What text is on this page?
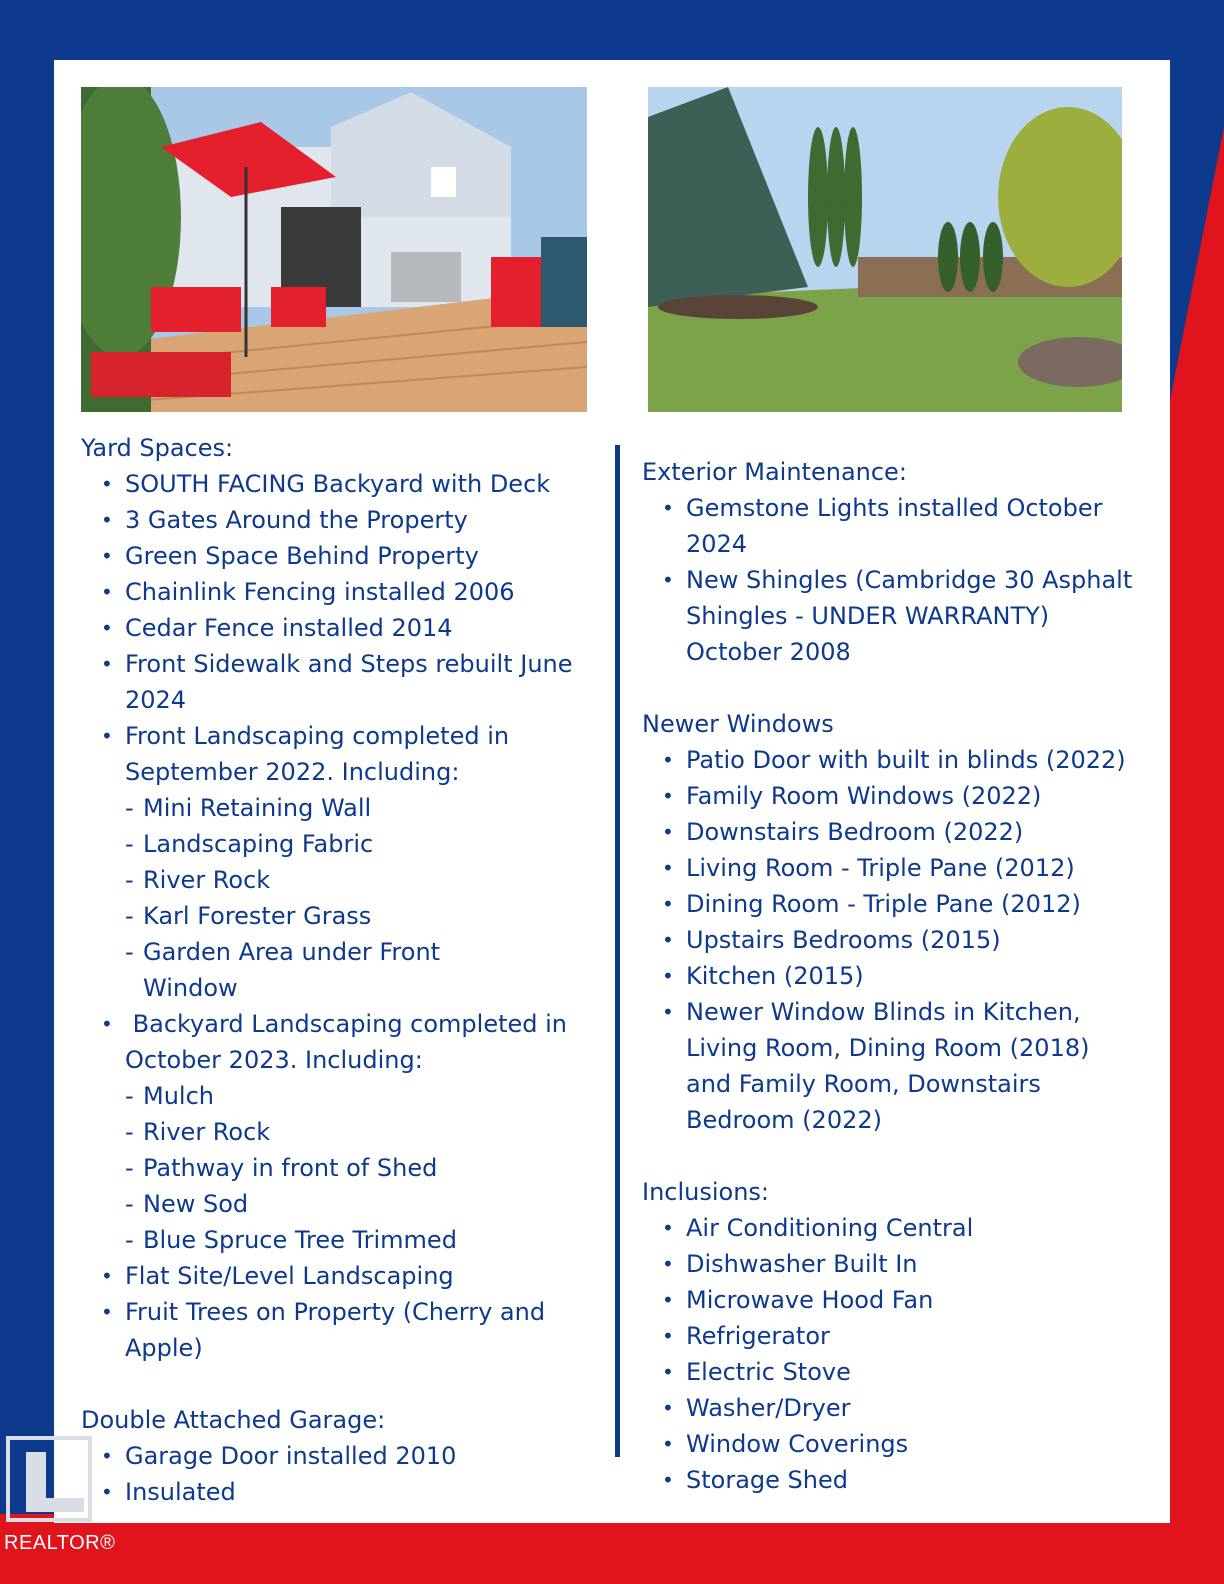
Yard Spaces:

• SOUTH FACING Backyard with Deck
• 3 Gates Around the Property
• Green Space Behind Property
• Chainlink Fencing installed 2006
• Cedar Fence installed 2014
• Front Sidewalk and Steps rebuilt June 2024
• Front Landscaping completed in September 2022. Including:
- Mini Retaining Wall
- Landscaping Fabric
- River Rock
- Karl Forester Grass
- Garden Area under Front Window
•  Backyard Landscaping completed in October 2023. Including:
- Mulch
- River Rock
- Pathway in front of Shed
- New Sod
- Blue Spruce Tree Trimmed
• Flat Site/Level Landscaping
• Fruit Trees on Property (Cherry and Apple)

Double Attached Garage:

• Garage Door installed 2010
• Insulated

Exterior Maintenance:

• Gemstone Lights installed October 2024
• New Shingles (Cambridge 30 Asphalt Shingles - UNDER WARRANTY) October 2008

Newer Windows

• Patio Door with built in blinds (2022)
• Family Room Windows (2022)
• Downstairs Bedroom (2022)
• Living Room - Triple Pane (2012)
• Dining Room - Triple Pane (2012)
• Upstairs Bedrooms (2015)
• Kitchen (2015)
• Newer Window Blinds in Kitchen, Living Room, Dining Room (2018) and Family Room, Downstairs Bedroom (2022)

Inclusions:

• Air Conditioning Central
• Dishwasher Built In
• Microwave Hood Fan
• Refrigerator
• Electric Stove
• Washer/Dryer
• Window Coverings
• Storage Shed
REALTOR®
